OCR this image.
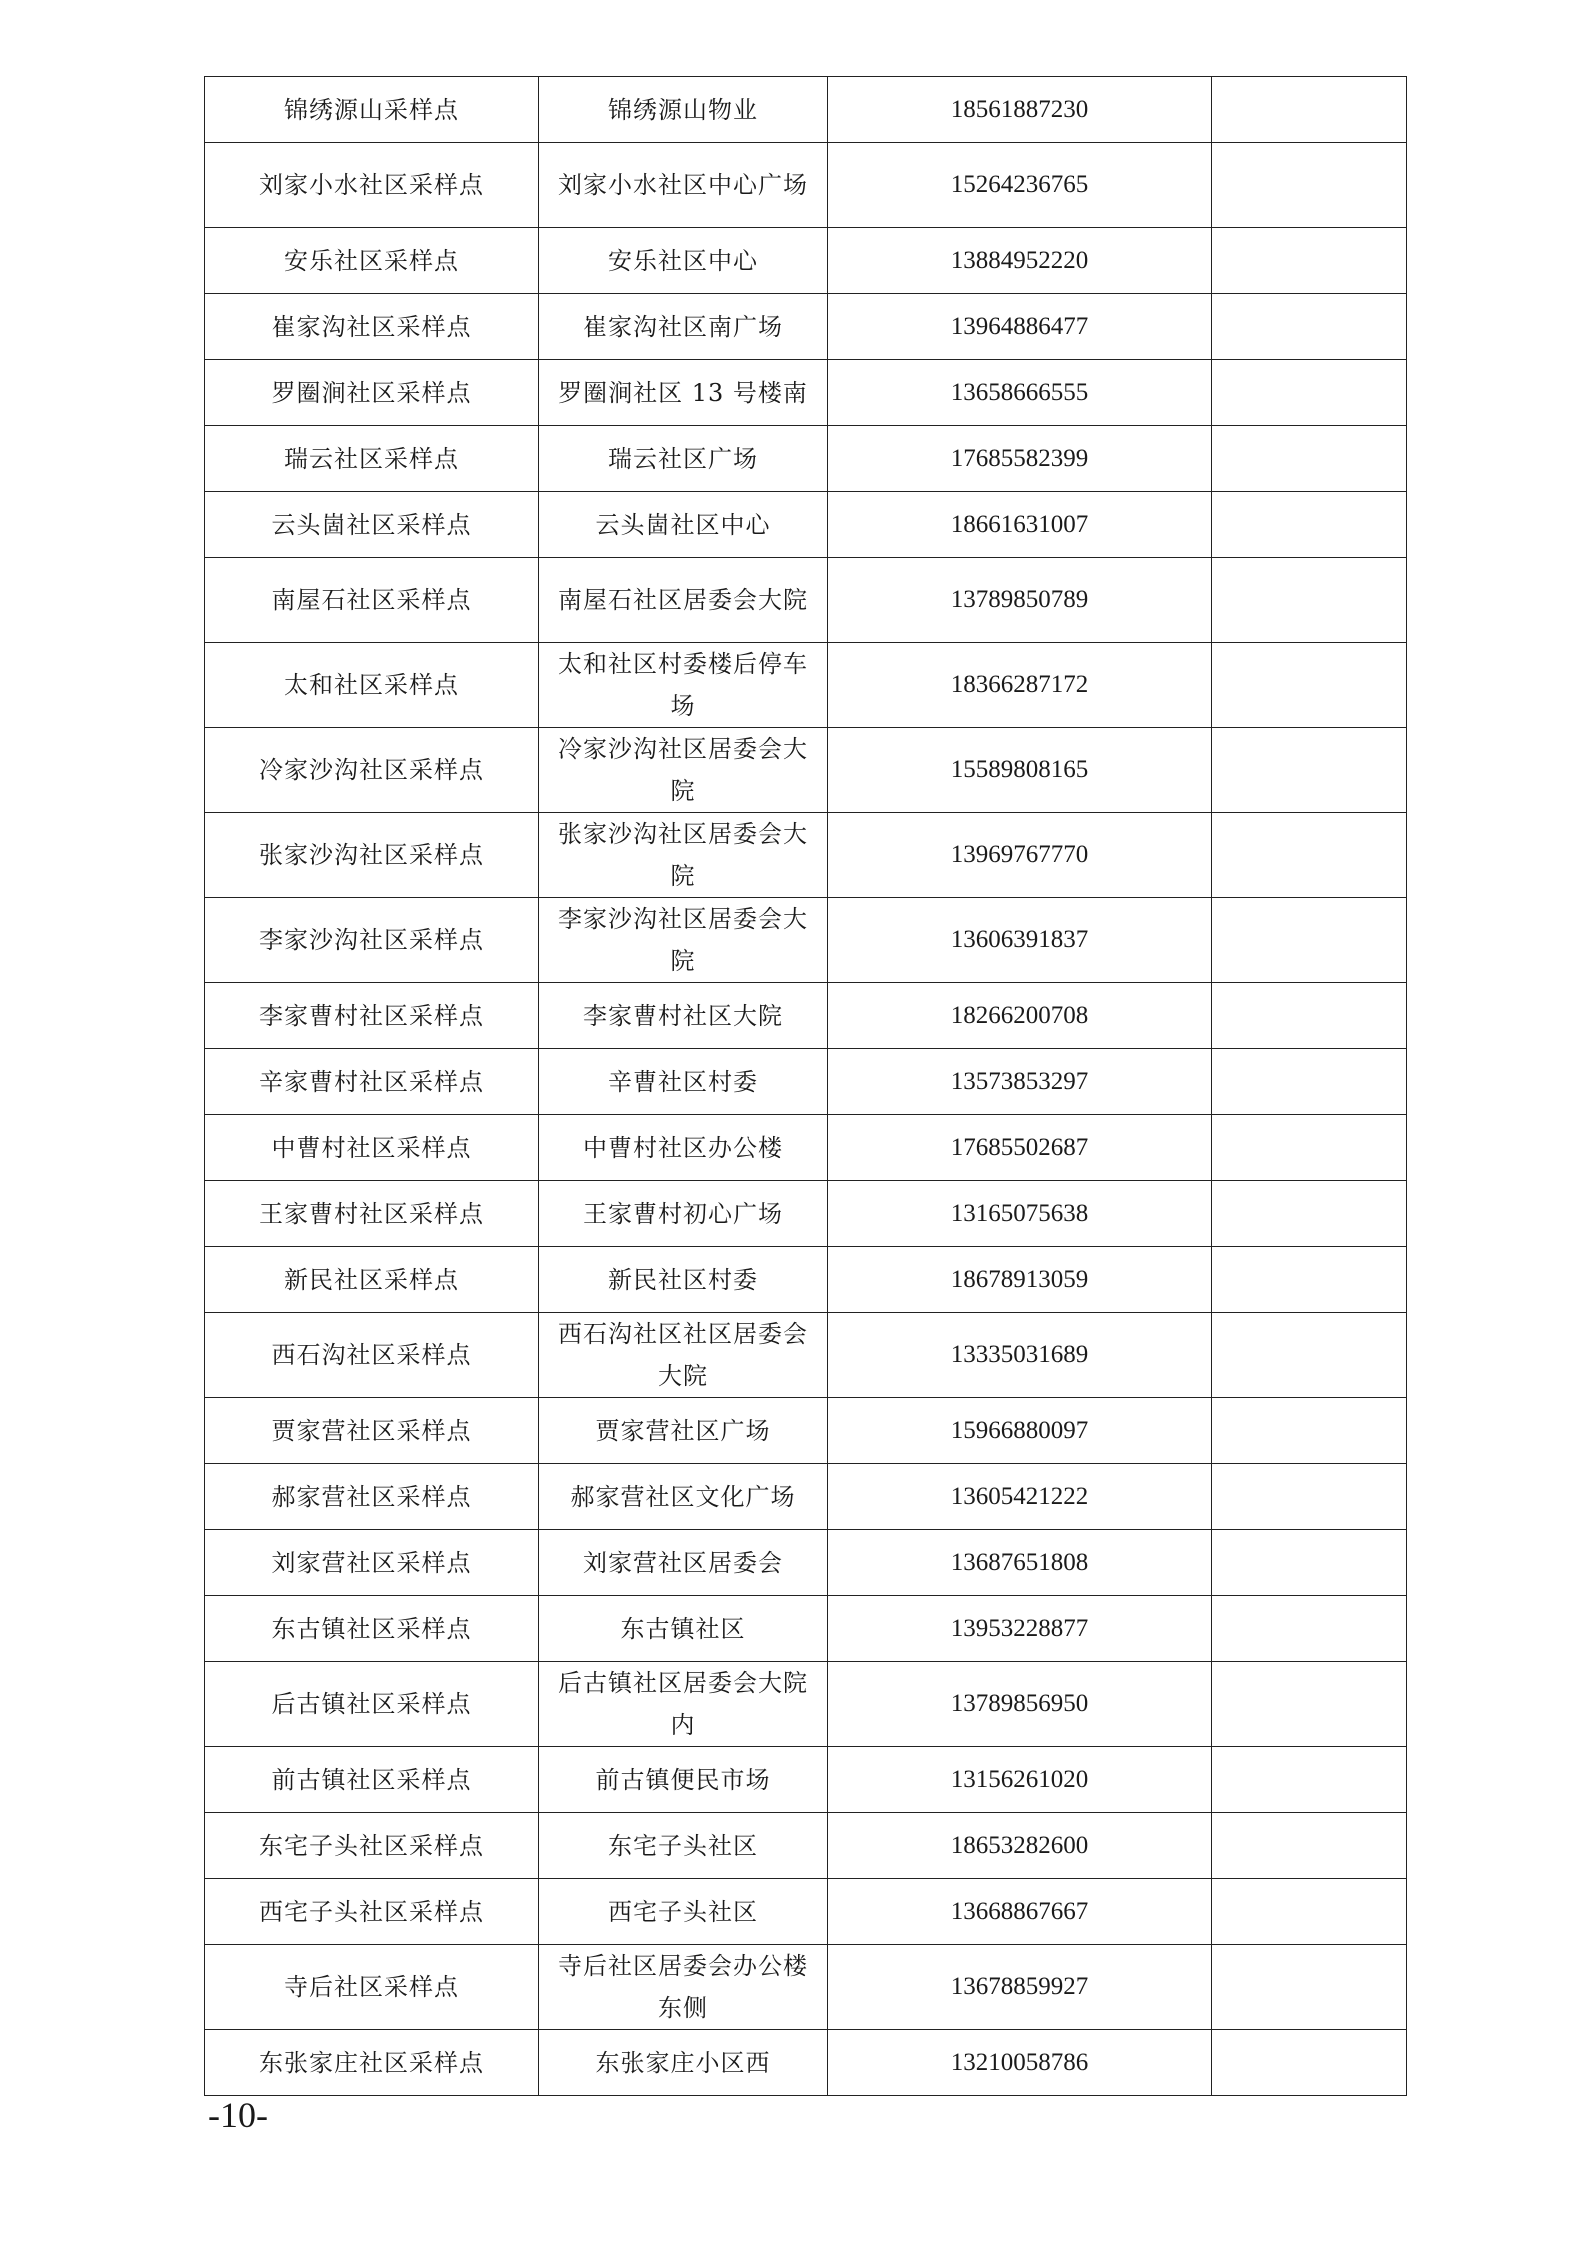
锦绣源山采样点	锦绣源山物业	18561887230	
刘家小水社区采样点	刘家小水社区中心广场	15264236765	
安乐社区采样点	安乐社区中心	13884952220	
崔家沟社区采样点	崔家沟社区南广场	13964886477	
罗圈涧社区采样点	罗圈涧社区 13 号楼南	13658666555	
瑞云社区采样点	瑞云社区广场	17685582399	
云头崮社区采样点	云头崮社区中心	18661631007	
南屋石社区采样点	南屋石社区居委会大院	13789850789	
太和社区采样点	太和社区村委楼后停车场	18366287172	
冷家沙沟社区采样点	冷家沙沟社区居委会大院	15589808165	
张家沙沟社区采样点	张家沙沟社区居委会大院	13969767770	
李家沙沟社区采样点	李家沙沟社区居委会大院	13606391837	
李家曹村社区采样点	李家曹村社区大院	18266200708	
辛家曹村社区采样点	辛曹社区村委	13573853297	
中曹村社区采样点	中曹村社区办公楼	17685502687	
王家曹村社区采样点	王家曹村初心广场	13165075638	
新民社区采样点	新民社区村委	18678913059	
西石沟社区采样点	西石沟社区社区居委会大院	13335031689	
贾家营社区采样点	贾家营社区广场	15966880097	
郝家营社区采样点	郝家营社区文化广场	13605421222	
刘家营社区采样点	刘家营社区居委会	13687651808	
东古镇社区采样点	东古镇社区	13953228877	
后古镇社区采样点	后古镇社区居委会大院内	13789856950	
前古镇社区采样点	前古镇便民市场	13156261020	
东宅子头社区采样点	东宅子头社区	18653282600	
西宅子头社区采样点	西宅子头社区	13668867667	
寺后社区采样点	寺后社区居委会办公楼东侧	13678859927	
东张家庄社区采样点	东张家庄小区西	13210058786	
-10-
